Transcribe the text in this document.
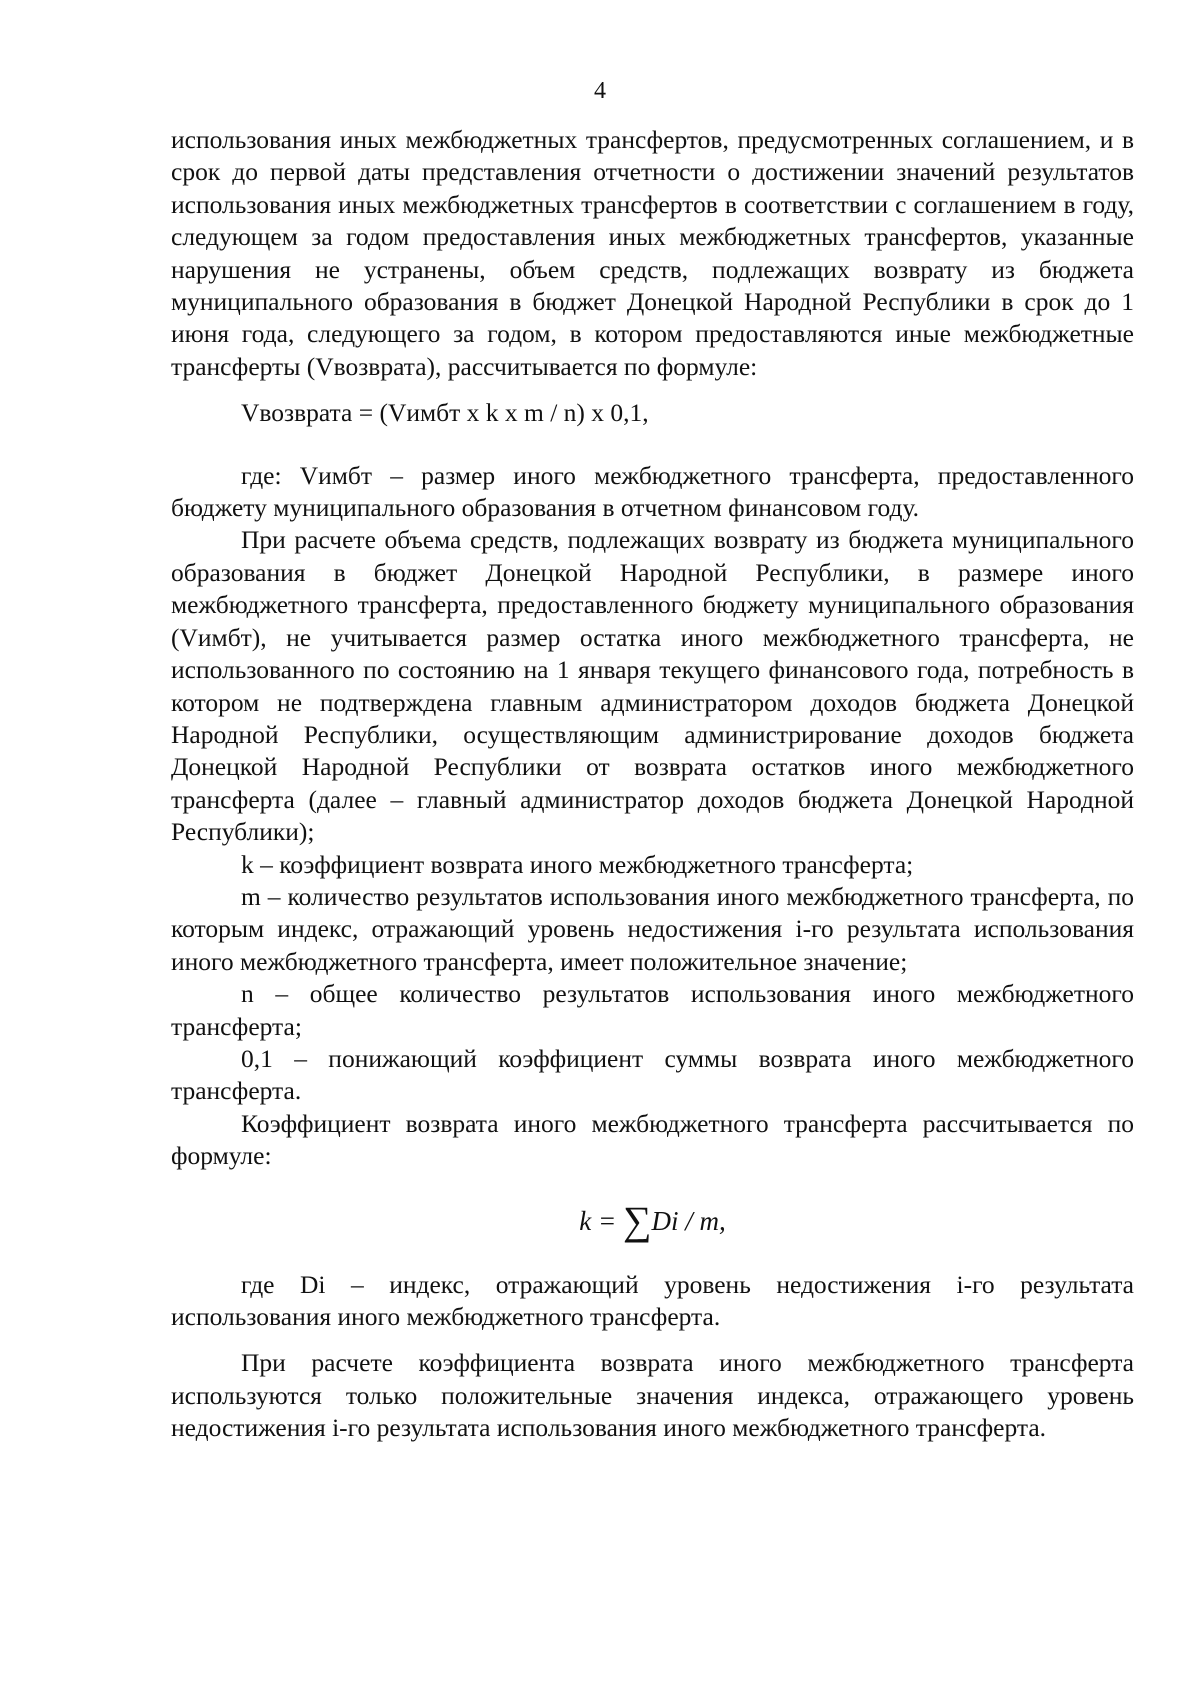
4

использования иных межбюджетных трансфертов, предусмотренных соглашением, и в срок до первой даты представления отчетности о достижении значений результатов использования иных межбюджетных трансфертов в соответствии с соглашением в году, следующем за годом предоставления иных межбюджетных трансфертов, указанные нарушения не устранены, объем средств, подлежащих возврату из бюджета муниципального образования в бюджет Донецкой Народной Республики в срок до 1 июня года, следующего за годом, в котором предоставляются иные межбюджетные трансферты (Vвозврата), рассчитывается по формуле:

Vвозврата = (Vимбт x k x m / n) x 0,1,

где: Vимбт – размер иного межбюджетного трансферта, предоставленного бюджету муниципального образования в отчетном финансовом году.

При расчете объема средств, подлежащих возврату из бюджета муниципального образования в бюджет Донецкой Народной Республики, в размере иного межбюджетного трансферта, предоставленного бюджету муниципального образования (Vимбт), не учитывается размер остатка иного межбюджетного трансферта, не использованного по состоянию на 1 января текущего финансового года, потребность в котором не подтверждена главным администратором доходов бюджета Донецкой Народной Республики, осуществляющим администрирование доходов бюджета Донецкой Народной Республики от возврата остатков иного межбюджетного трансферта (далее – главный администратор доходов бюджета Донецкой Народной Республики);

k – коэффициент возврата иного межбюджетного трансферта;

m – количество результатов использования иного межбюджетного трансферта, по которым индекс, отражающий уровень недостижения i-го результата использования иного межбюджетного трансферта, имеет положительное значение;

n – общее количество результатов использования иного межбюджетного трансферта;

0,1 – понижающий коэффициент суммы возврата иного межбюджетного трансферта.

Коэффициент возврата иного межбюджетного трансферта рассчитывается по формуле:

k = ∑Di / m,

где Di – индекс, отражающий уровень недостижения i-го результата использования иного межбюджетного трансферта.

При расчете коэффициента возврата иного межбюджетного трансферта используются только положительные значения индекса, отражающего уровень недостижения i-го результата использования иного межбюджетного трансферта.
